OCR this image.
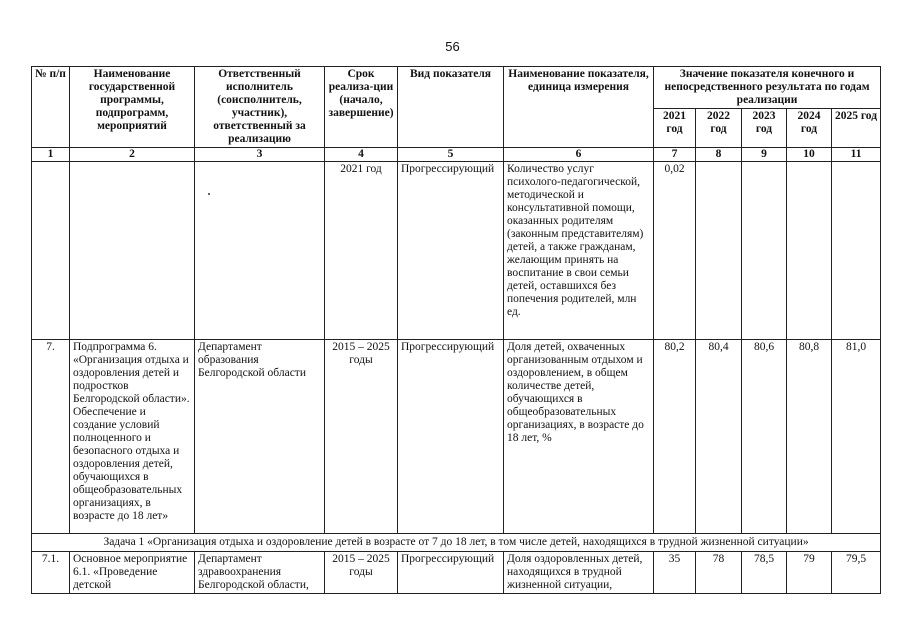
56
№ п/п	Наименование государственной программы, подпрограмм, мероприятий	Ответственный исполнитель (соисполнитель, участник), ответственный за реализацию	Срок реализа-ции (начало, завершение)	Вид показателя	Наименование показателя, единица измерения	Значение показателя конечного и непосредственного результата по годам реализации				
						2021 год	2022 год	2023 год	2024 год	2025 год
1	2	3	4	5	6	7	8	9	10	11
			2021 год	Прогрессирующий	Количество услуг психолого-педагогической, методической и консультативной помощи, оказанных родителям (законным представителям) детей, а также гражданам, желающим принять на воспитание в свои семьи детей, оставшихся без попечения родителей, млн ед.	0,02				
7.	Подпрограмма 6. «Организация отдыха и оздоровления детей и подростков Белгородской области». Обеспечение и создание условий полноценного и безопасного отдыха и оздоровления детей, обучающихся в общеобразовательных организациях, в возрасте до 18 лет»	Департамент образования Белгородской области	2015 – 2025 годы	Прогрессирующий	Доля детей, охваченных организованным отдыхом и оздоровлением, в общем количестве детей, обучающихся в общеобразовательных организациях, в возрасте до 18 лет, %	80,2	80,4	80,6	80,8	81,0
Задача 1 «Организация отдыха и оздоровление детей в возрасте от 7 до 18 лет, в том числе детей, находящихся в трудной жизненной ситуации»										
7.1.	Основное мероприятие 6.1. «Проведение детской	Департамент здравоохранения Белгородской области,	2015 – 2025 годы	Прогрессирующий	Доля оздоровленных детей, находящихся в трудной жизненной ситуации,	35	78	78,5	79	79,5
